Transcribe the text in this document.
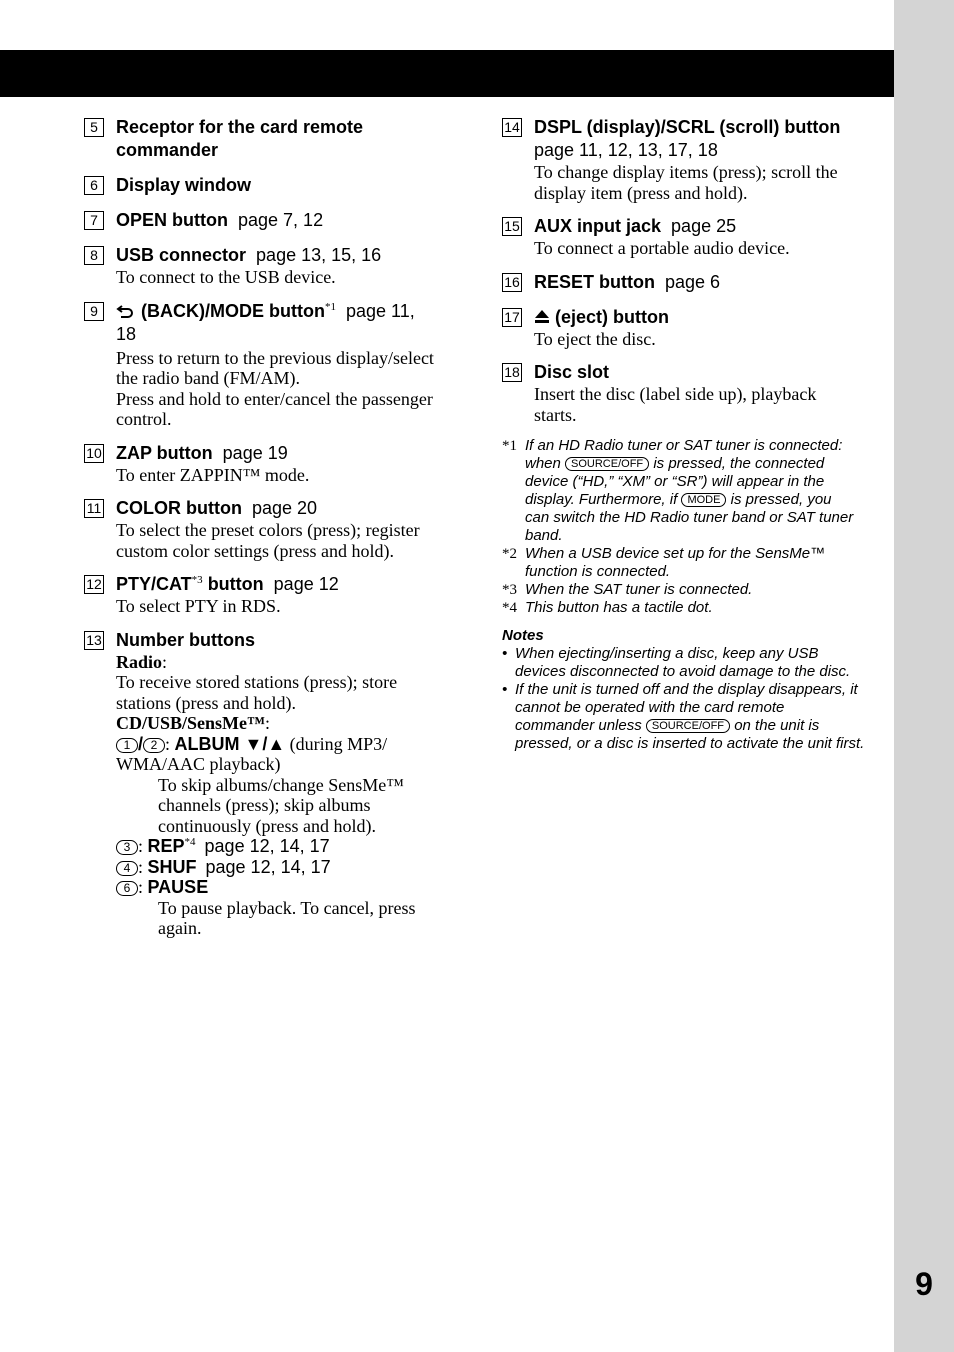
9
5	Receptor for the card remote
commander
6	Display window
7	OPEN button page 7, 12
8	USB connector page 13, 15, 16
To connect to the USB device.
9	(BACK)/MODE button$^{*1}$ page 11,
18
Press to return to the previous display/select
the radio band (FM/AM).
Press and hold to enter/cancel the passenger
control.
10 ZAP button page 19
To enter ZAPPIN™ mode.
11 COLOR button page 20
To select the preset colors (press); register
custom color settings (press and hold).
12 PTY/CAT$^{*3}$ button page 12
To select PTY in RDS.
13 Number buttons
Radio:
To receive stored stations (press); store
stations (press and hold).
CD/USB/SensMe™:
1 / 2 : ALBUM ▼/▲ (during MP3/
WMA/AAC playback)
To skip albums/change SensMe™
channels (press); skip albums
continuously (press and hold).
3 : REP$^{*4}$ page 12, 14, 17
4 : SHUF page 12, 14, 17
6 : PAUSE
To pause playback. To cancel, press
again.
14 DSPL (display)/SCRL (scroll) button
page 11, 12, 13, 17, 18
To change display items (press); scroll the
display item (press and hold).
15 AUX input jack page 25
To connect a portable audio device.
16 RESET button page 6
17	(eject) button
To eject the disc.
18 Disc slot
Insert the disc (label side up), playback
starts.
*1 If an HD Radio tuner or SAT tuner is connected:
when SOURCE/OFF is pressed, the connected
device (“HD,” “XM” or “SR”) will appear in the
display. Furthermore, if MODE is pressed, you
can switch the HD Radio tuner band or SAT tuner
band.
*2 When a USB device set up for the SensMe™
function is connected.
*3 When the SAT tuner is connected.
*4 This button has a tactile dot.
Notes
• When ejecting/inserting a disc, keep any USB
devices disconnected to avoid damage to the disc.
• If the unit is turned off and the display disappears, it
cannot be operated with the card remote
commander unless SOURCE/OFF on the unit is
pressed, or a disc is inserted to activate the unit first.
